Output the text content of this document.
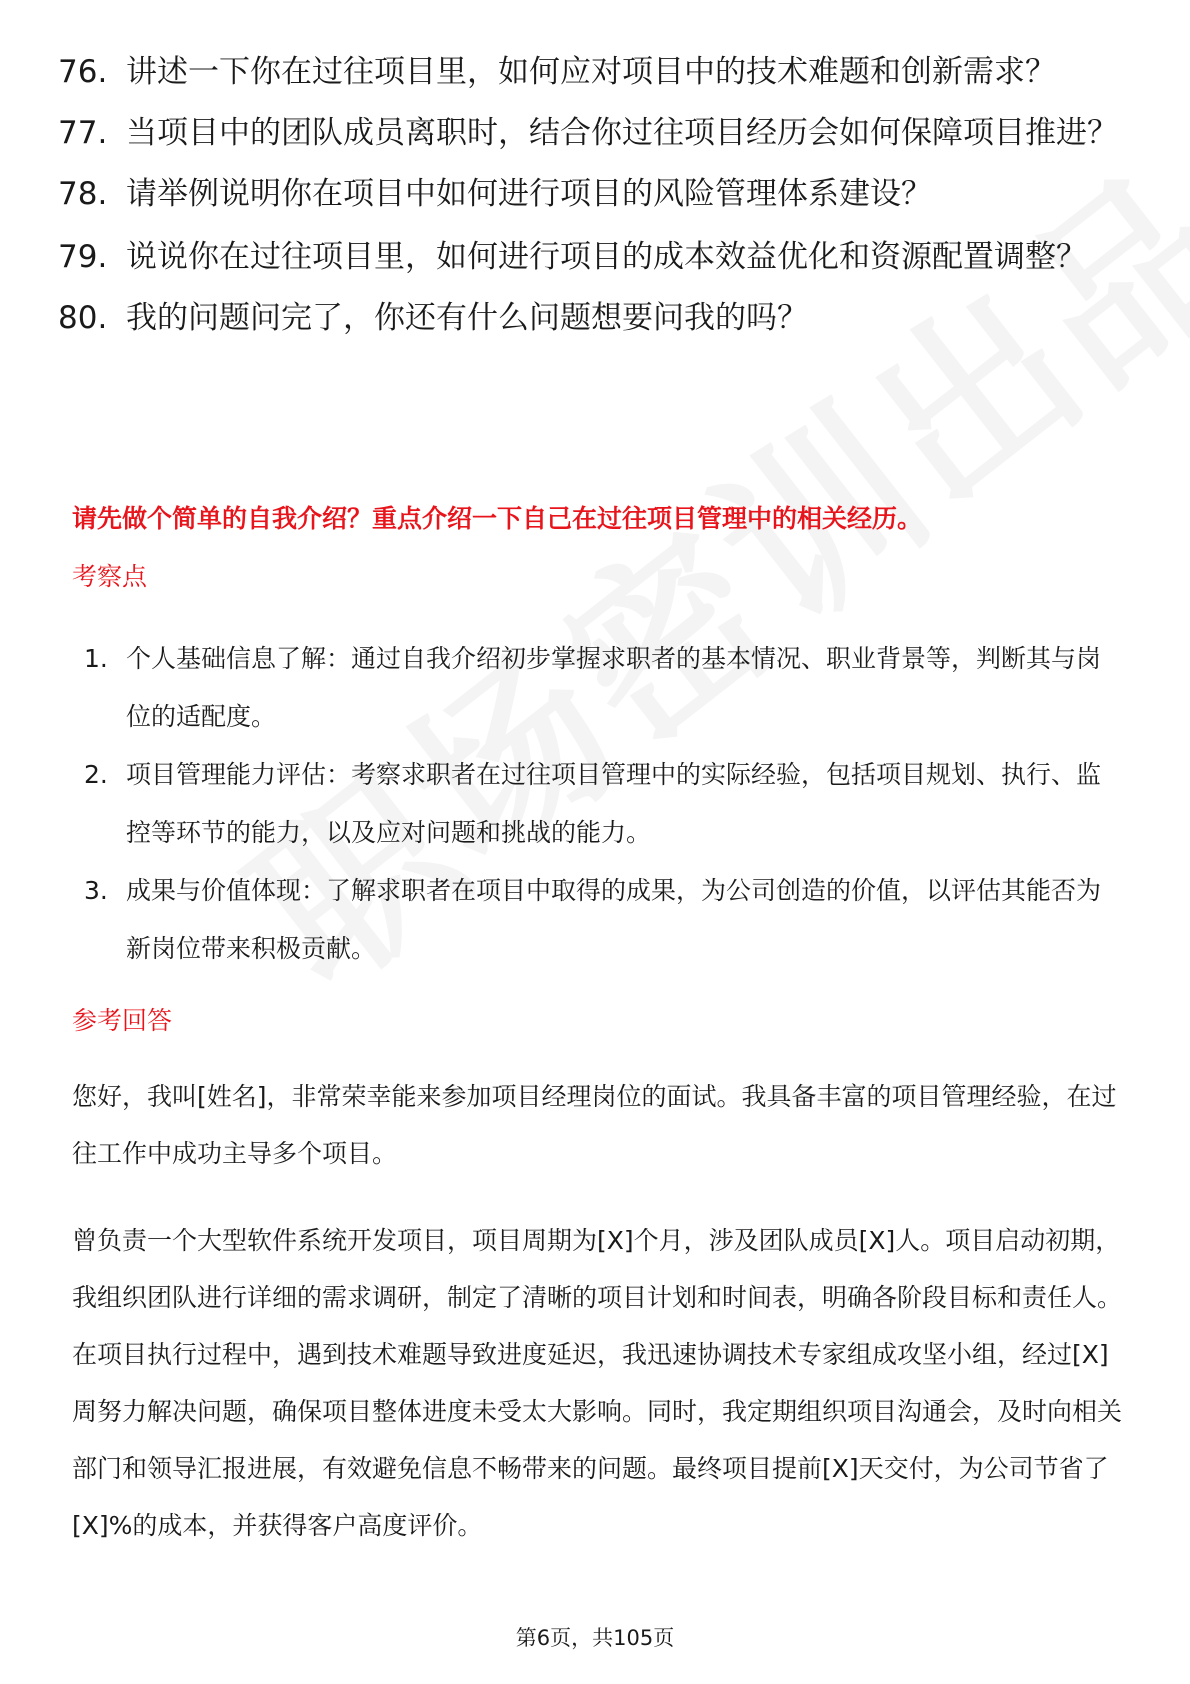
76. 讲述一下你在过往项目里，如何应对项目中的技术难题和创新需求？
77. 当项目中的团队成员离职时，结合你过往项目经历会如何保障项目推进？
78. 请举例说明你在项目中如何进行项目的风险管理体系建设？
79. 说说你在过往项目里，如何进行项目的成本效益优化和资源配置调整？
80. 我的问题问完了，你还有什么问题想要问我的吗？
请先做个简单的自我介绍？重点介绍一下自己在过往项目管理中的相关经历。
考察点
1. 个人基础信息了解：通过自我介绍初步掌握求职者的基本情况、职业背景等，判断其与岗位的适配度。
2. 项目管理能力评估：考察求职者在过往项目管理中的实际经验，包括项目规划、执行、监控等环节的能力，以及应对问题和挑战的能力。
3. 成果与价值体现：了解求职者在项目中取得的成果，为公司创造的价值，以评估其能否为新岗位带来积极贡献。
参考回答
您好，我叫[姓名]，非常荣幸能来参加项目经理岗位的面试。我具备丰富的项目管理经验，在过往工作中成功主导多个项目。
曾负责一个大型软件系统开发项目，项目周期为[X]个月，涉及团队成员[X]人。项目启动初期，我组织团队进行详细的需求调研，制定了清晰的项目计划和时间表，明确各阶段目标和责任人。在项目执行过程中，遇到技术难题导致进度延迟，我迅速协调技术专家组成攻坚小组，经过[X]周努力解决问题，确保项目整体进度未受太大影响。同时，我定期组织项目沟通会，及时向相关部门和领导汇报进展，有效避免信息不畅带来的问题。最终项目提前[X]天交付，为公司节省了[X]%的成本，并获得客户高度评价。
第6页，共105页
